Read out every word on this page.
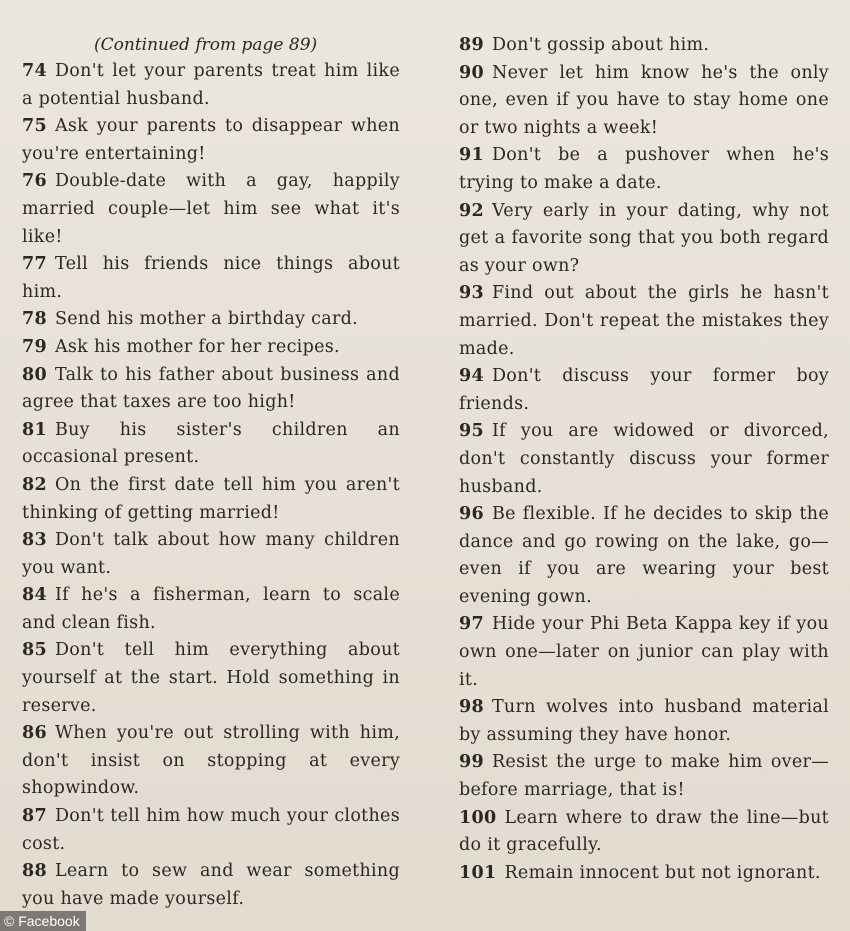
(Continued from page 89)
74 Don't let your parents treat him like a potential husband.
75 Ask your parents to disappear when you're entertaining!
76 Double-date with a gay, happily married couple—let him see what it's like!
77 Tell his friends nice things about him.
78 Send his mother a birthday card.
79 Ask his mother for her recipes.
80 Talk to his father about business and agree that taxes are too high!
81 Buy his sister's children an occasional present.
82 On the first date tell him you aren't thinking of getting married!
83 Don't talk about how many children you want.
84 If he's a fisherman, learn to scale and clean fish.
85 Don't tell him everything about yourself at the start. Hold something in reserve.
86 When you're out strolling with him, don't insist on stopping at every shopwindow.
87 Don't tell him how much your clothes cost.
88 Learn to sew and wear something you have made yourself.
89 Don't gossip about him.
90 Never let him know he's the only one, even if you have to stay home one or two nights a week!
91 Don't be a pushover when he's trying to make a date.
92 Very early in your dating, why not get a favorite song that you both regard as your own?
93 Find out about the girls he hasn't married. Don't repeat the mistakes they made.
94 Don't discuss your former boy friends.
95 If you are widowed or divorced, don't constantly discuss your former husband.
96 Be flexible. If he decides to skip the dance and go rowing on the lake, go—even if you are wearing your best evening gown.
97 Hide your Phi Beta Kappa key if you own one—later on junior can play with it.
98 Turn wolves into husband material by assuming they have honor.
99 Resist the urge to make him over—before marriage, that is!
100 Learn where to draw the line—but do it gracefully.
101 Remain innocent but not ignorant.
© Facebook
